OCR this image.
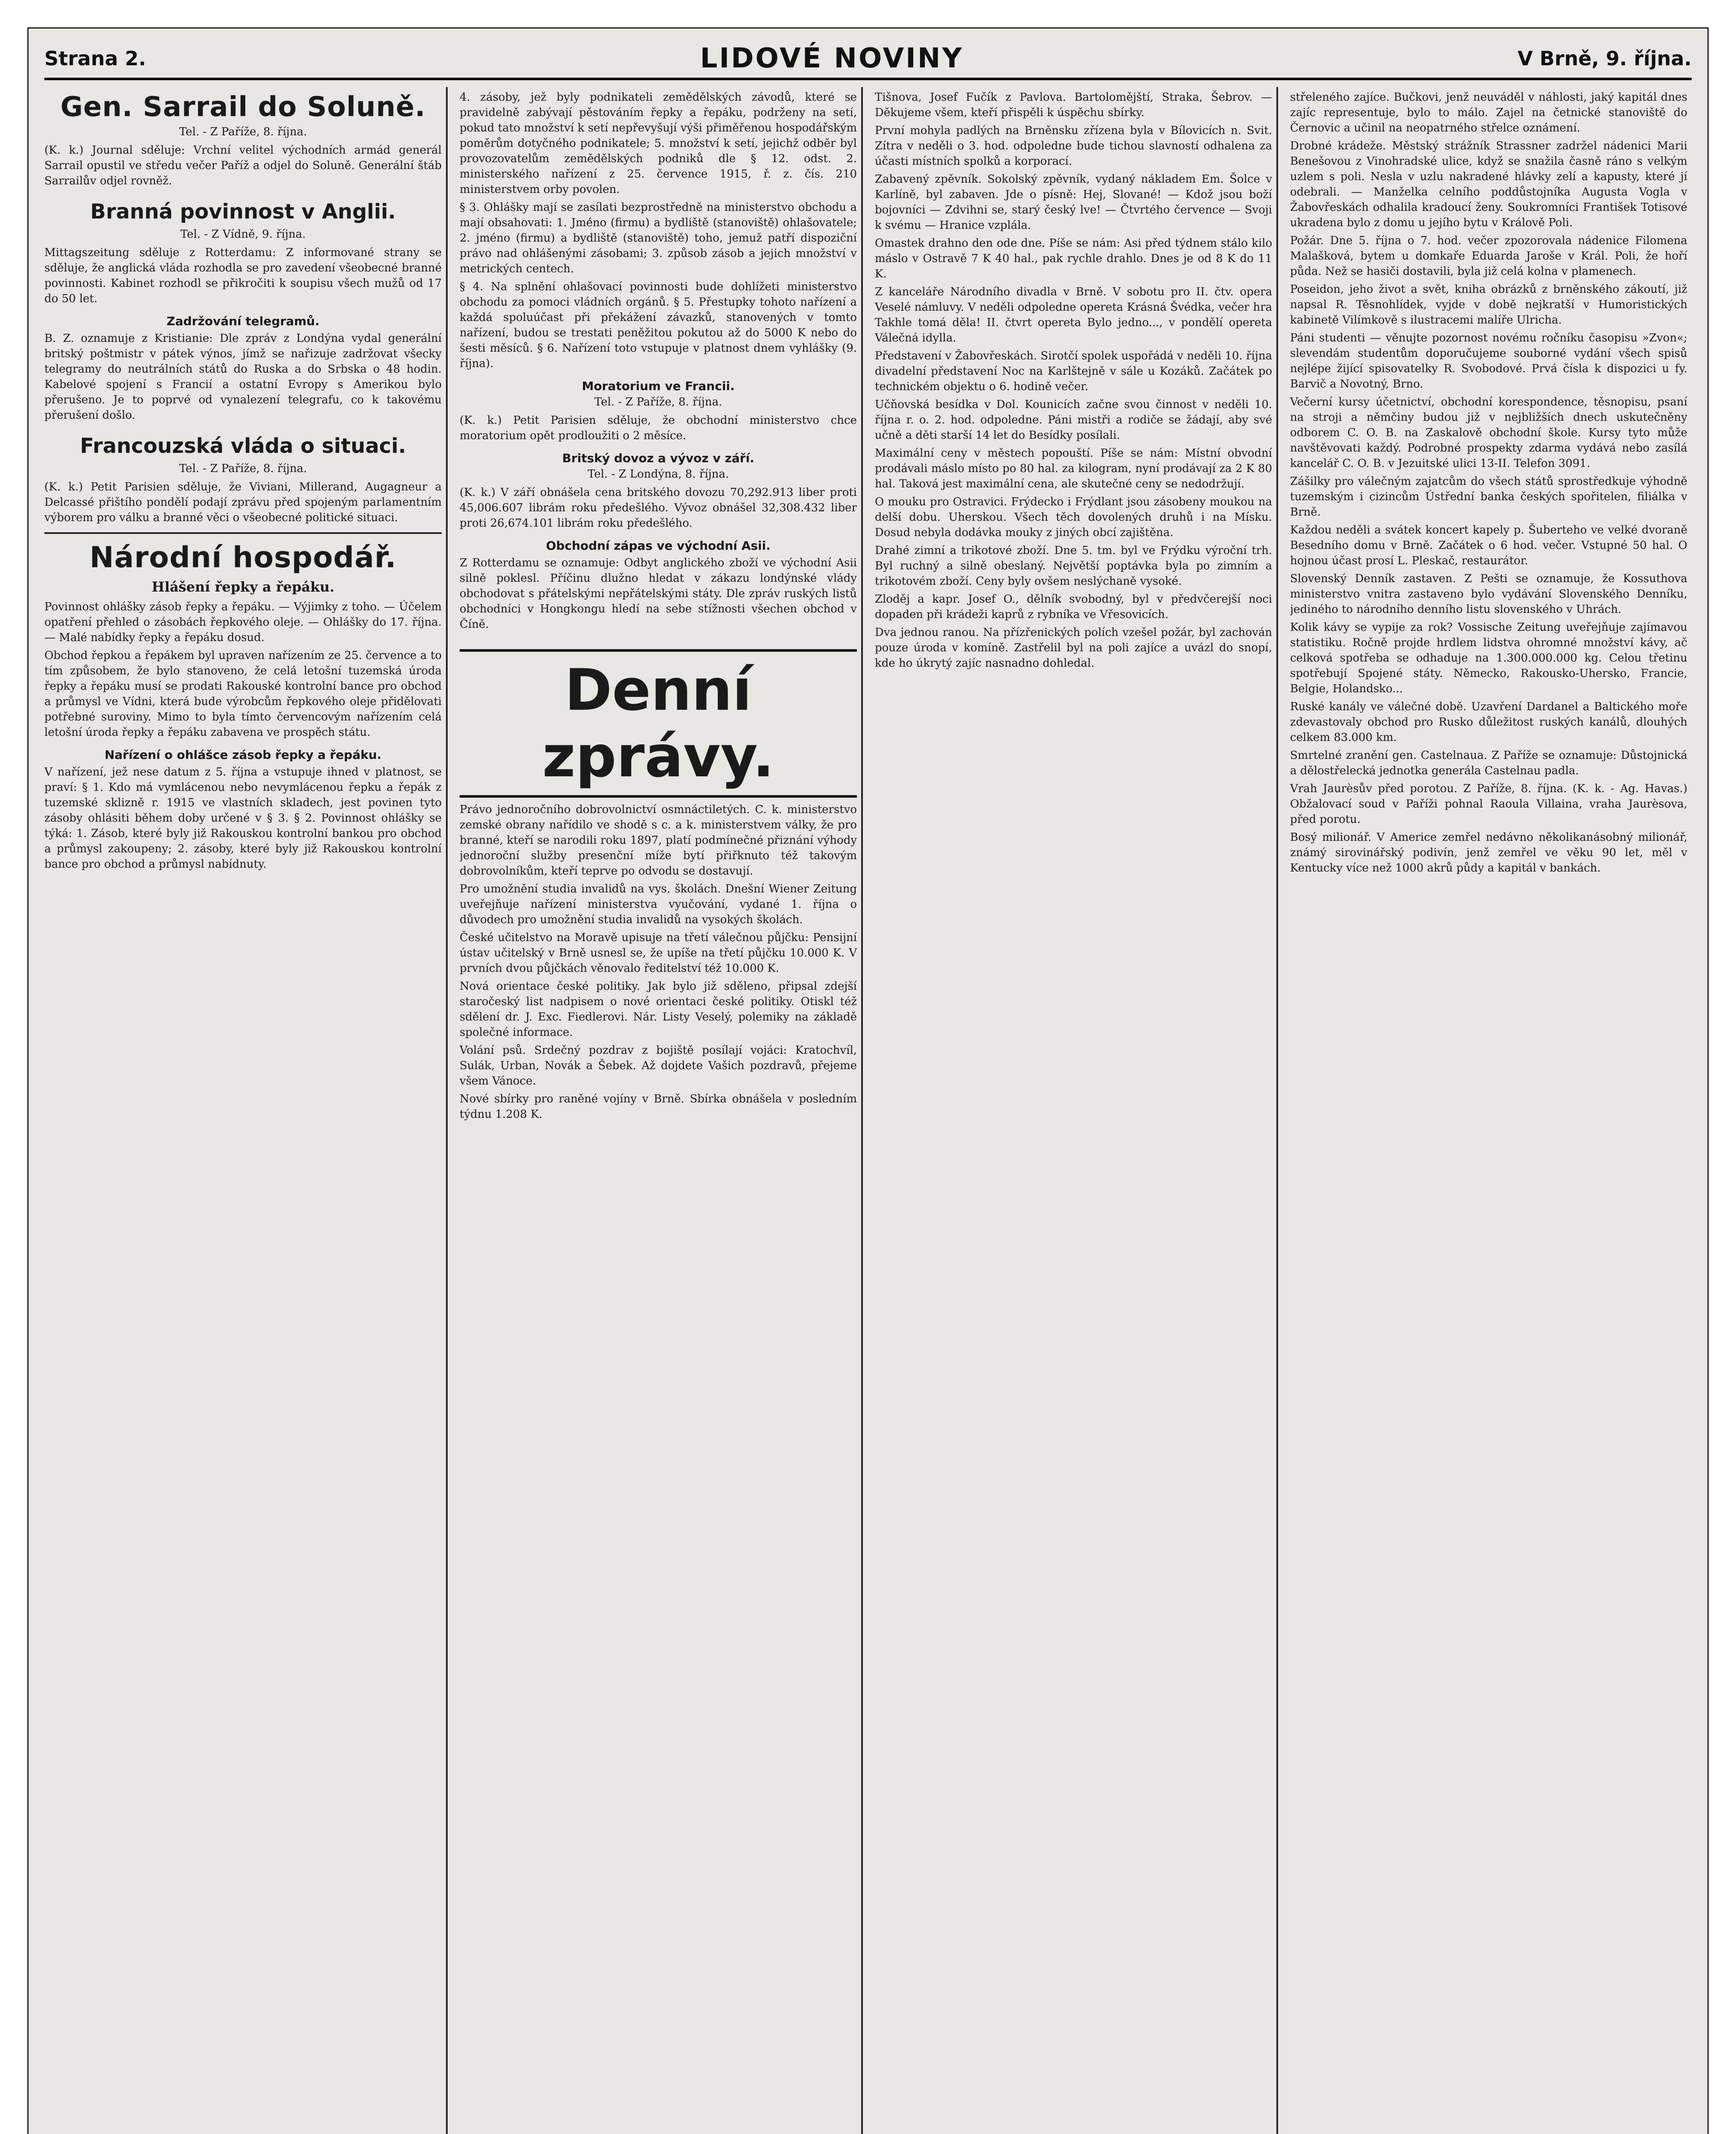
Strana 2.	LIDOVÉ NOVINY	V Brně, 9. října.
Gen. Sarrail do Soluně.
Tel. - Z Paříže, 8. října.
(K. k.) Journal sděluje: Vrchní velitel východních armád generál Sarrail opustil ve středu večer Paříž a odjel do Soluně. Generální štáb Sarrailův odjel rovněž.
Branná povinnost v Anglii.
Tel. - Z Vídně, 9. října.
Mittagszeitung sděluje z Rotterdamu: Z informované strany se sděluje, že anglická vláda rozhodla se pro zavedení všeobecné branné povinnosti. Kabinet rozhodl se přikročiti k soupisu všech mužů od 17 do 50 let.
Zadržování telegramů.
B. Z. oznamuje z Kristianie: Dle zpráv z Londýna vydal generální britský poštmistr v pátek výnos, jímž se nařizuje zadržovat všecky telegramy do neutrálních států do Ruska a do Srbska o 48 hodin. Kabelové spojení s Francií a ostatní Evropy s Amerikou bylo přerušeno. Je to poprvé od vynalezení telegrafu, co k takovému přerušení došlo.
Francouzská vláda o situaci.
Tel. - Z Paříže, 8. října.
(K. k.) Petit Parisien sděluje, že Viviani, Millerand, Augagneur a Delcassé přištího pondělí podají zprávu před spojeným parlamentním výborem pro válku a branné věci o všeobecné politické situaci.
Národní hospodář.
Hlášení řepky a řepáku.
Povinnost ohlášky zásob řepky a řepáku. — Výjimky z toho. — Účelem opatření přehled o zásobách řepkového oleje. — Ohlášky do 17. října. — Malé nabídky řepky a řepáku dosud.
Obchod řepkou a řepákem byl upraven nařízením ze 25. července a to tím způsobem, že bylo stanoveno, že celá letošní tuzemská úroda řepky a řepáku musí se prodati Rakouské kontrolní bance pro obchod a průmysl ve Vídni, která bude výrobcům řepkového oleje přidělovati potřebné suroviny. Mimo to byla tímto červencovým nařízením celá letošní úroda řepky a řepáku zabavena ve prospěch státu.
Nařízení o ohlášce zásob řepky a řepáku.
V nařízení, jež nese datum z 5. října a vstupuje ihned v platnost, se praví: § 1. Kdo má vymlácenou nebo nevymlácenou řepku a řepák z tuzemské sklizně r. 1915 ve vlastních skladech, jest povinen tyto zásoby ohlásiti během doby určené v § 3. § 2. Povinnost ohlášky se týká: 1. Zásob, které byly již Rakouskou kontrolní bankou pro obchod a průmysl zakoupeny; 2. zásoby, které byly již Rakouskou kontrolní bance pro obchod a průmysl nabídnuty.
4. zásoby, jež byly podnikateli zemědělských závodů, které se pravidelně zabývají pěstováním řepky a řepáku, podrženy na setí, pokud tato množství k setí nepřevyšují výši přiměřenou hospodářským poměrům dotyčného podnikatele; 5. množství k setí, jejichž odběr byl provozovatelům zemědělských podniků dle § 12. odst. 2. ministerského nařízení z 25. července 1915, ř. z. čís. 210 ministerstvem orby povolen.
§ 3. Ohlášky mají se zasílati bezprostředně na ministerstvo obchodu a mají obsahovati: 1. Jméno (firmu) a bydliště (stanoviště) ohlašovatele; 2. jméno (firmu) a bydliště (stanoviště) toho, jemuž patří dispoziční právo nad ohlášenými zásobami; 3. způsob zásob a jejich množství v metrických centech.
§ 4. Na splnění ohlašovací povinnosti bude dohlížeti ministerstvo obchodu za pomoci vládních orgánů. § 5. Přestupky tohoto nařízení a každá spoluúčast při překážení závazků, stanovených v tomto nařízení, budou se trestati peněžitou pokutou až do 5000 K nebo do šesti měsíců. § 6. Nařízení toto vstupuje v platnost dnem vyhlášky (9. října).
Moratorium ve Francii.
Tel. - Z Paříže, 8. října.
(K. k.) Petit Parisien sděluje, že obchodní ministerstvo chce moratorium opět prodloužiti o 2 měsíce.
Britský dovoz a vývoz v září.
Tel. - Z Londýna, 8. října.
(K. k.) V září obnášela cena britského dovozu 70,292.913 liber proti 45,006.607 librám roku předešlého. Vývoz obnášel 32,308.432 liber proti 26,674.101 librám roku předešlého.
Obchodní zápas ve východní Asii.
Z Rotterdamu se oznamuje: Odbyt anglického zboží ve východní Asii silně poklesl. Příčinu dlužno hledat v zákazu londýnské vlády obchodovat s přátelskými nepřátelskými státy. Dle zpráv ruských listů obchodníci v Hongkongu hledí na sebe stížnosti všechen obchod v Číně.
Denní zprávy.
Právo jednoročního dobrovolnictví osmnáctiletých. C. k. ministerstvo zemské obrany nařídilo ve shodě s c. a k. ministerstvem války, že pro branné, kteří se narodili roku 1897, platí podmínečné přiznání výhody jednoroční služby presenční míže bytí přiřknuto též takovým dobrovolníkům, kteří teprve po odvodu se dostavují.
Pro umožnění studia invalidů na vys. školách. Dnešní Wiener Zeitung uveřejňuje nařízení ministerstva vyučování, vydané 1. října o důvodech pro umožnění studia invalidů na vysokých školách.
České učitelstvo na Moravě upisuje na třetí válečnou půjčku: Pensijní ústav učitelský v Brně usnesl se, že upíše na třetí půjčku 10.000 K. V prvních dvou půjčkách věnovalo ředitelství též 10.000 K.
Nová orientace české politiky. Jak bylo již sděleno, připsal zdejší staročeský list nadpisem o nové orientaci české politiky. Otiskl též sdělení dr. J. Exc. Fiedlerovi. Nár. Listy Veselý, polemiky na základě společné informace.
Volání psů. Srdečný pozdrav z bojiště posílají vojáci: Kratochvíl, Sulák, Urban, Novák a Šebek. Až dojdete Vašich pozdravů, přejeme všem Vánoce.
Nové sbírky pro raněné vojíny v Brně. Sbírka obnášela v posledním týdnu 1.208 K.
Tišnova, Josef Fučík z Pavlova. Bartolomějští, Straka, Šebrov. — Děkujeme všem, kteří přispěli k úspěchu sbírky.
První mohyla padlých na Brněnsku zřízena byla v Bílovicích n. Svit. Zítra v neděli o 3. hod. odpoledne bude tichou slavností odhalena za účasti místních spolků a korporací.
Zabavený zpěvník. Sokolský zpěvník, vydaný nákladem Em. Šolce v Karlíně, byl zabaven. Jde o písně: Hej, Slované! — Kdož jsou boží bojovníci — Zdvihni se, starý český lve! — Čtvrtého července — Svoji k svému — Hranice vzplála.
Omastek drahno den ode dne. Píše se nám: Asi před týdnem stálo kilo máslo v Ostravě 7 K 40 hal., pak rychle drahlo. Dnes je od 8 K do 11 K.
Z kanceláře Národního divadla v Brně. V sobotu pro II. čtv. opera Veselé námluvy. V neděli odpoledne opereta Krásná Švédka, večer hra Takhle tomá děla! II. čtvrt opereta Bylo jedno..., v pondělí opereta Válečná idylla.
Představení v Žabovřeskách. Sirotčí spolek uspořádá v neděli 10. října divadelní představení Noc na Karlštejně v sále u Kozáků. Začátek po technickém objektu o 6. hodině večer.
Učňovská besídka v Dol. Kounicích začne svou činnost v neděli 10. října r. o. 2. hod. odpoledne. Páni mistři a rodiče se žádají, aby své učně a děti starší 14 let do Besídky posílali.
Maximální ceny v městech popouští. Píše se nám: Místní obvodní prodávali máslo místo po 80 hal. za kilogram, nyní prodávají za 2 K 80 hal. Taková jest maximální cena, ale skutečné ceny se nedodržují.
O mouku pro Ostravici. Frýdecko i Frýdlant jsou zásobeny moukou na delší dobu. Uherskou. Všech těch dovolených druhů i na Mísku. Dosud nebyla dodávka mouky z jiných obcí zajištěna.
Drahé zimní a trikotové zboží. Dne 5. tm. byl ve Frýdku výroční trh. Byl ruchný a silně obeslaný. Největší poptávka byla po zimním a trikotovém zboží. Ceny byly ovšem neslýchaně vysoké.
Zloděj a kapr. Josef O., dělník svobodný, byl v předvčerejší noci dopaden při krádeži kaprů z rybníka ve Vřesovicích.
Dva jednou ranou. Na přízřenických polích vzešel požár, byl zachován pouze úroda v komíně. Zastřelil byl na poli zajíce a uvázl do snopí, kde ho úkrytý zajíc nasnadno dohledal.
střeleného zajíce. Bučkovi, jenž neuváděl v náhlosti, jaký kapitál dnes zajíc representuje, bylo to málo. Zajel na četnické stanoviště do Černovic a učinil na neopatrného střelce oznámení.
Drobné krádeže. Městský strážník Strassner zadržel nádenici Marii Benešovou z Vinohradské ulice, když se snažila časně ráno s velkým uzlem s poli. Nesla v uzlu nakradené hlávky zelí a kapusty, které jí odebrali. — Manželka celního poddůstojníka Augusta Vogla v Žabovřeskách odhalila kradoucí ženy. Soukromníci František Totisové ukradena bylo z domu u jejího bytu v Králově Poli.
Požár. Dne 5. října o 7. hod. večer zpozorovala nádenice Filomena Malašková, bytem u domkaře Eduarda Jaroše v Král. Poli, že hoří půda. Než se hasiči dostavili, byla již celá kolna v plamenech.
Poseidon, jeho život a svět, kniha obrázků z brněnského zákoutí, již napsal R. Těsnohlídek, vyjde v době nejkratší v Humoristických kabinetě Vilímkově s ilustracemi malíře Ulricha.
Páni studenti — věnujte pozornost novému ročníku časopisu »Zvon«; slevendám studentům doporučujeme souborné vydání všech spisů nejlépe žijící spisovatelky R. Svobodové. Prvá čísla k dispozici u fy. Barvič a Novotný, Brno.
Večerní kursy účetnictví, obchodní korespondence, těsnopisu, psaní na stroji a němčiny budou již v nejbližších dnech uskutečněny odborem C. O. B. na Zaskalově obchodní škole. Kursy tyto může navštěvovati každý. Podrobné prospekty zdarma vydává nebo zasílá kancelář C. O. B. v Jezuitské ulici 13-II. Telefon 3091.
Zášilky pro válečným zajatcům do všech států sprostředkuje výhodně tuzemským i cizincům Ústřední banka českých spořitelen, filiálka v Brně.
Každou neděli a svátek koncert kapely p. Šuberteho ve velké dvoraně Besedního domu v Brně. Začátek o 6 hod. večer. Vstupné 50 hal. O hojnou účast prosí L. Pleskač, restaurátor.
Slovenský Denník zastaven. Z Pešti se oznamuje, že Kossuthova ministerstvo vnitra zastaveno bylo vydávání Slovenského Denníku, jediného to národního denního listu slovenského v Uhrách.
Kolik kávy se vypije za rok? Vossische Zeitung uveřejňuje zajímavou statistiku. Ročně projde hrdlem lidstva ohromné množství kávy, ač celková spotřeba se odhaduje na 1.300.000.000 kg. Celou třetinu spotřebují Spojené státy. Německo, Rakousko-Uhersko, Francie, Belgie, Holandsko...
Ruské kanály ve válečné době. Uzavření Dardanel a Baltického moře zdevastovaly obchod pro Rusko důležitost ruských kanálů, dlouhých celkem 83.000 km.
Smrtelné zranění gen. Castelnaua. Z Paříže se oznamuje: Důstojnická a dělostřelecká jednotka generála Castelnau padla.
Vrah Jaurèsův před porotou. Z Paříže, 8. října. (K. k. - Ag. Havas.) Obžalovací soud v Paříži pohnal Raoula Villaina, vraha Jaurèsova, před porotu.
Bosý milionář. V Americe zemřel nedávno několikanásobný milionář, známý sirovinářský podivín, jenž zemřel ve věku 90 let, měl v Kentucky více než 1000 akrů půdy a kapitál v bankách.
